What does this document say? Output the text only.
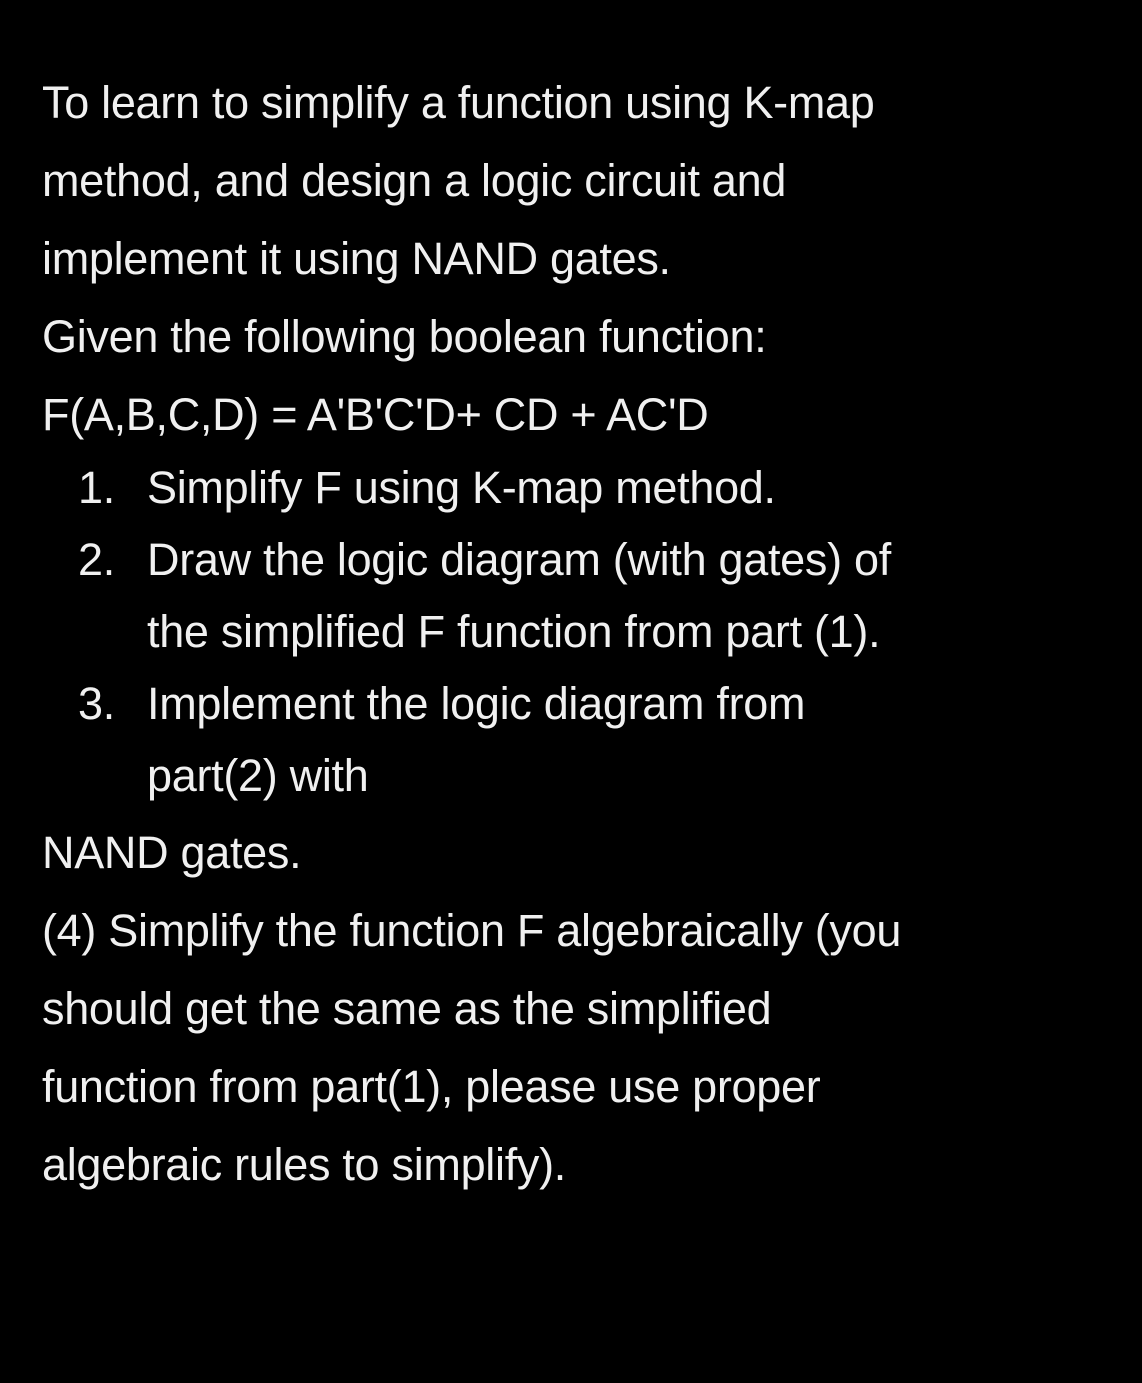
To learn to simplify a function using K-map
method, and design a logic circuit and
implement it using NAND gates.
Given the following boolean function:
F(A,B,C,D) = A'B'C'D+ CD + AC'D
1. Simplify F using K-map method.
2. Draw the logic diagram (with gates) of
the simplified F function from part (1).
3. Implement the logic diagram from
part(2) with
NAND gates.
(4) Simplify the function F algebraically (you
should get the same as the simplified
function from part(1), please use proper
algebraic rules to simplify).
